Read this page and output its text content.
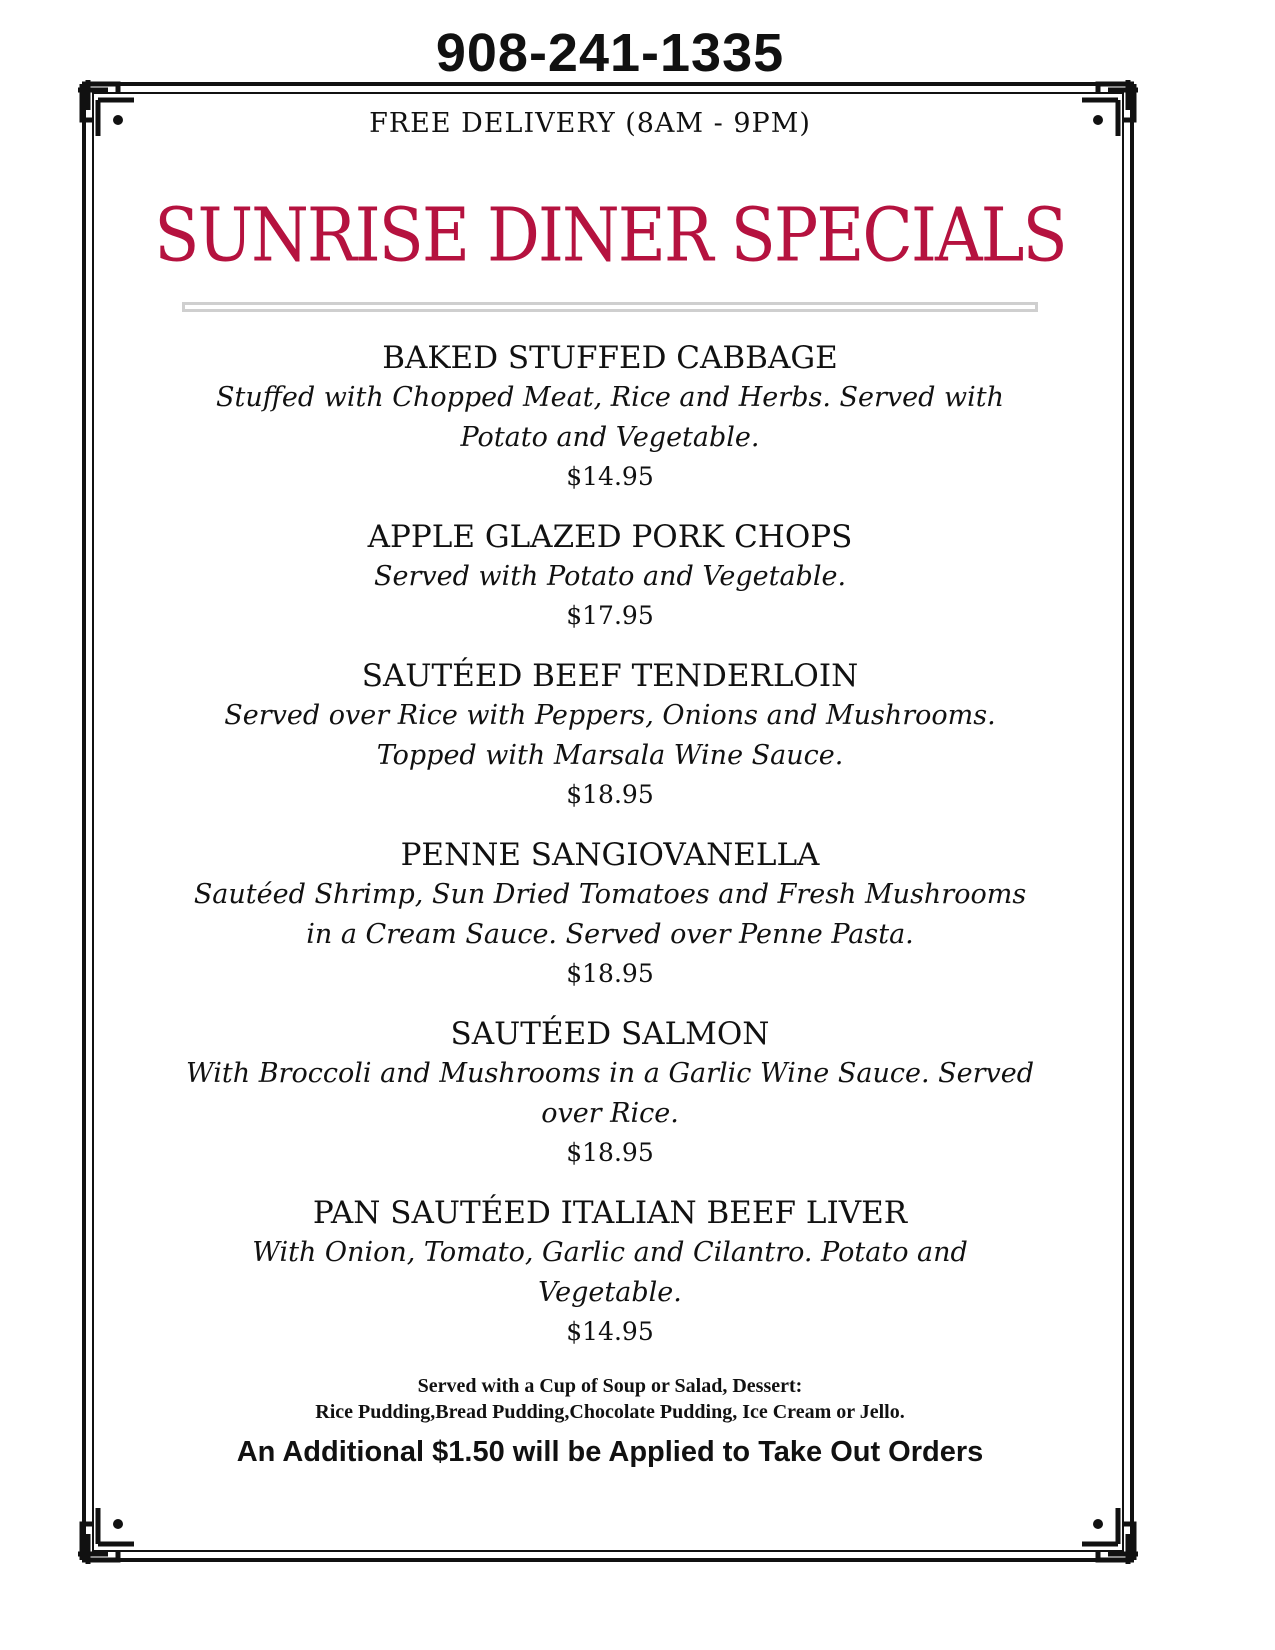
908-241-1335
FREE DELIVERY (8AM - 9PM)
SUNRISE DINER SPECIALS
BAKED STUFFED CABBAGE
Stuffed with Chopped Meat, Rice and Herbs. Served with Potato and Vegetable.
$14.95
APPLE GLAZED PORK CHOPS
Served with Potato and Vegetable.
$17.95
SAUTÉED BEEF TENDERLOIN
Served over Rice with Peppers, Onions and Mushrooms. Topped with Marsala Wine Sauce.
$18.95
PENNE SANGIOVANELLA
Sautéed Shrimp, Sun Dried Tomatoes and Fresh Mushrooms in a Cream Sauce. Served over Penne Pasta.
$18.95
SAUTÉED SALMON
With Broccoli and Mushrooms in a Garlic Wine Sauce. Served over Rice.
$18.95
PAN SAUTÉED ITALIAN BEEF LIVER
With Onion, Tomato, Garlic and Cilantro. Potato and Vegetable.
$14.95
Served with a Cup of Soup or Salad, Dessert:
Rice Pudding,Bread Pudding,Chocolate Pudding, Ice Cream or Jello.
An Additional $1.50 will be Applied to Take Out Orders
